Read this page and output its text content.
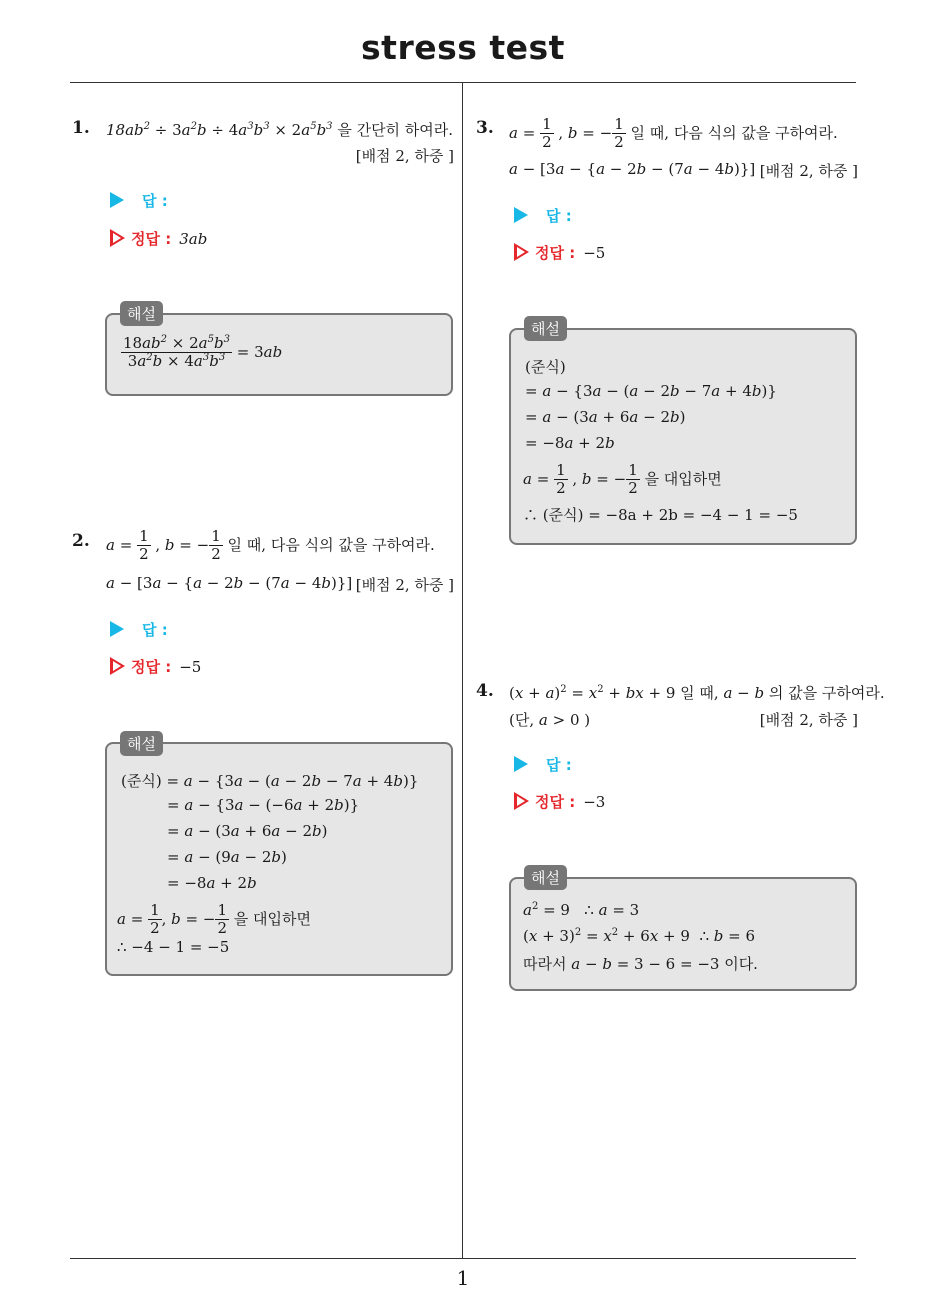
stress test
1
1. $18ab^2 \div 3a^2b \div 4a^3b^3 \times 2a^5b^3$ 을 간단히 하여라.
[배점 2, 하중 ]
답 :
정답 : 3ab
$\frac{18ab^2 \times 2a^5b^3}{3a^2b \times 4a^3b^3} = 3ab$
해설
2. $a = \frac{1}{2}$ , b = − $\frac{1}{2}$ 일 때, 다음 식의 값을 구하여라.
a − [3a − {a − 2b − (7a − 4b)}] [배점 2, 하중 ]
답 :
정답 : −5
(준식) = a − {3a − (a − 2b − 7a + 4b)}
= a − {3a − (−6a + 2b)}
= a − (3a + 6a − 2b)
= a − (9a − 2b)
= −8a + 2b
$a = \frac{1}{2}$ , b = − $\frac{1}{2}$ 을 대입하면
∴ −4 − 1 = −5
해설
3. $a = \frac{1}{2}$ , b = − $\frac{1}{2}$ 일 때, 다음 식의 값을 구하여라.
a − [3a − {a − 2b − (7a − 4b)}] [배점 2, 하중 ]
답 :
정답 : −5
(준식)
= a − {3a − (a − 2b − 7a + 4b)}
= a − (3a + 6a − 2b)
= −8a + 2b
$a = \frac{1}{2}$ , b = − $\frac{1}{2}$ 을 대입하면
∴ (준식) = −8a + 2b = −4 − 1 = −5
해설
4. $(x + a)^2 = x^2$ + bx + 9 일 때, a − b 의 값을 구하여라.
(단, a > 0 )	[배점 2, 하중 ]
답 :
정답 : −3
$a^2 = 9$   ∴ a = 3
$(x + 3)^2 = x^2 + 6x + 9$  ∴ b = 6
따라서 a − b = 3 − 6 = −3 이다.
해설
